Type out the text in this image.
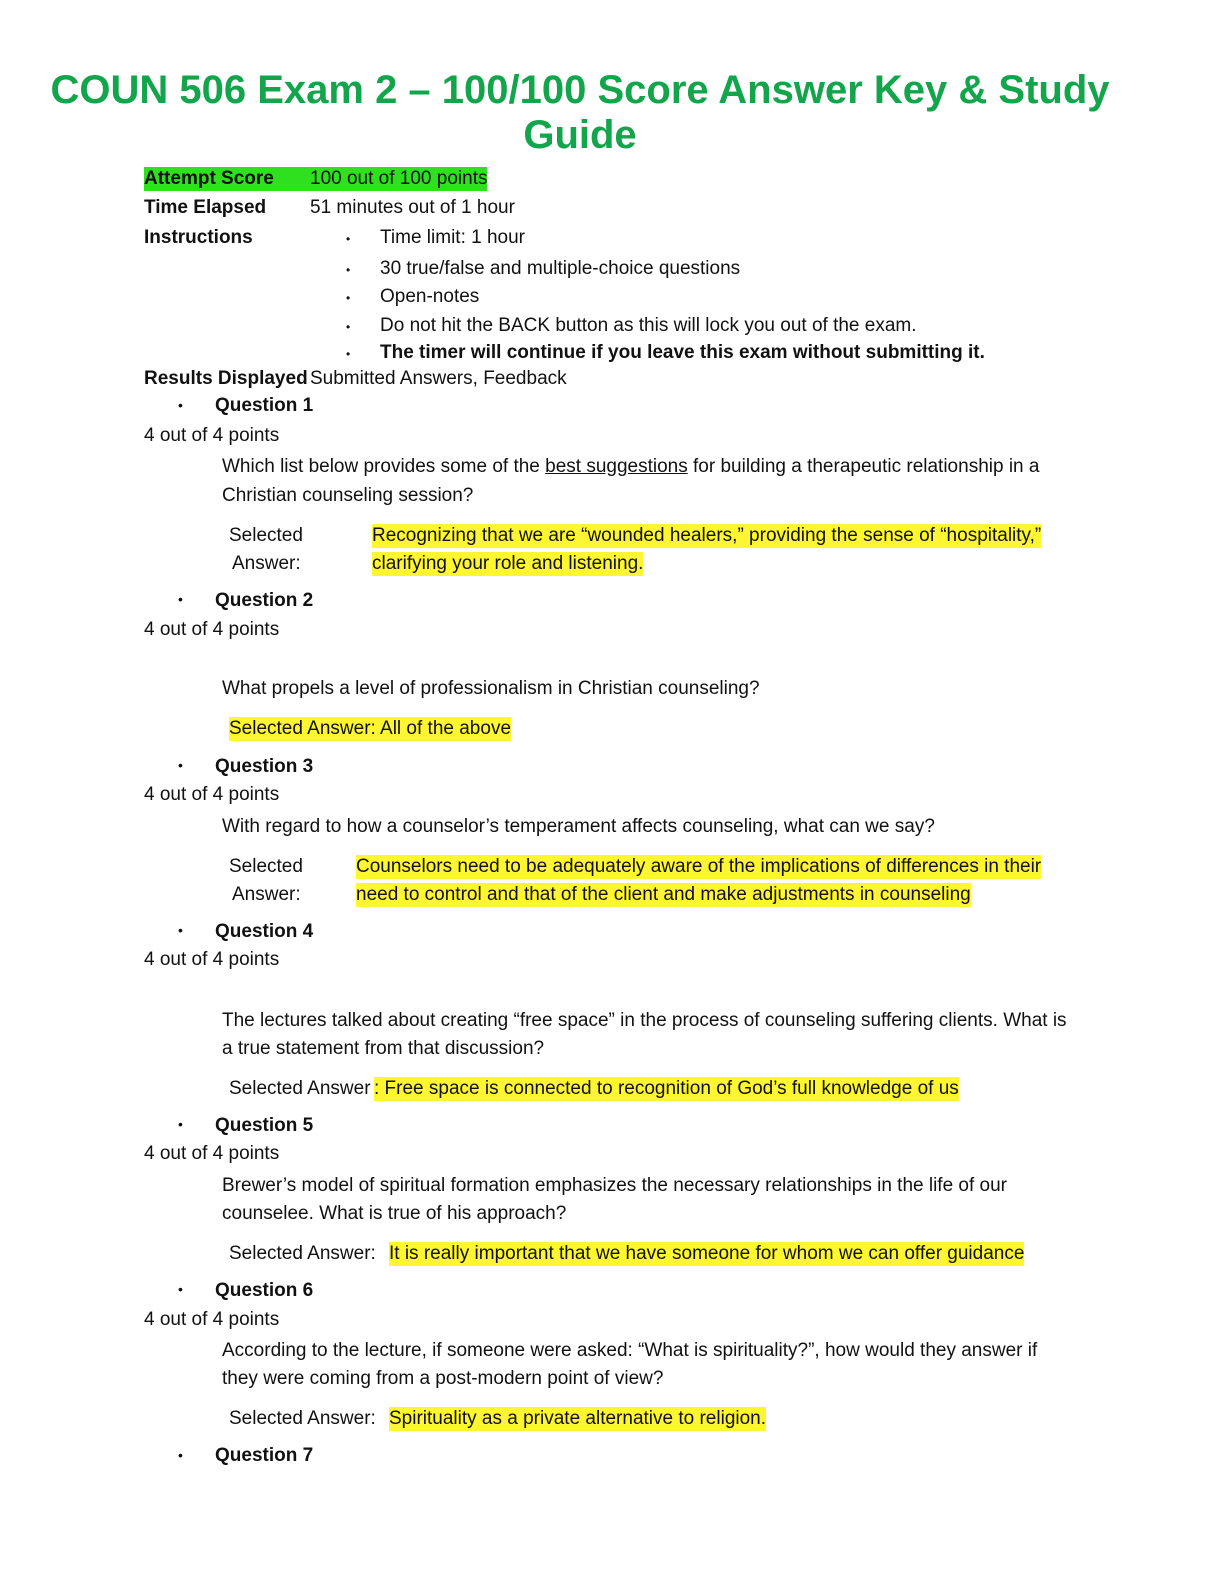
COUN 506 Exam 2 – 100/100 Score Answer Key & Study
Guide
Attempt Score	100 out of 100 points
Time Elapsed 51 minutes out of 1 hour
Instructions	• Time limit: 1 hour
• 30 true/false and multiple-choice questions
• Open-notes
• Do not hit the BACK button as this will lock you out of the exam.
• The timer will continue if you leave this exam without submitting it.
Results Displayed Submitted Answers, Feedback
• Question 1
4 out of 4 points
Which list below provides some of the best suggestions for building a therapeutic relationship in a
Christian counseling session?
Selected
Answer:
Recognizing that we are “wounded healers,” providing the sense of “hospitality,”
clarifying your role and listening.
• Question 2
4 out of 4 points
What propels a level of professionalism in Christian counseling?
Selected Answer: All of the above
• Question 3
4 out of 4 points
With regard to how a counselor’s temperament affects counseling, what can we say?
Selected
Answer:
Counselors need to be adequately aware of the implications of differences in their
need to control and that of the client and make adjustments in counseling
• Question 4
4 out of 4 points
The lectures talked about creating “free space” in the process of counseling suffering clients. What is
a true statement from that discussion?
Selected Answer : Free space is connected to recognition of God’s full knowledge of us
• Question 5
4 out of 4 points
Brewer’s model of spiritual formation emphasizes the necessary relationships in the life of our
counselee. What is true of his approach?
Selected Answer: It is really important that we have someone for whom we can offer guidance
• Question 6
4 out of 4 points
According to the lecture, if someone were asked: “What is spirituality?”, how would they answer if
they were coming from a post-modern point of view?
Selected Answer: Spirituality as a private alternative to religion.
• Question 7
